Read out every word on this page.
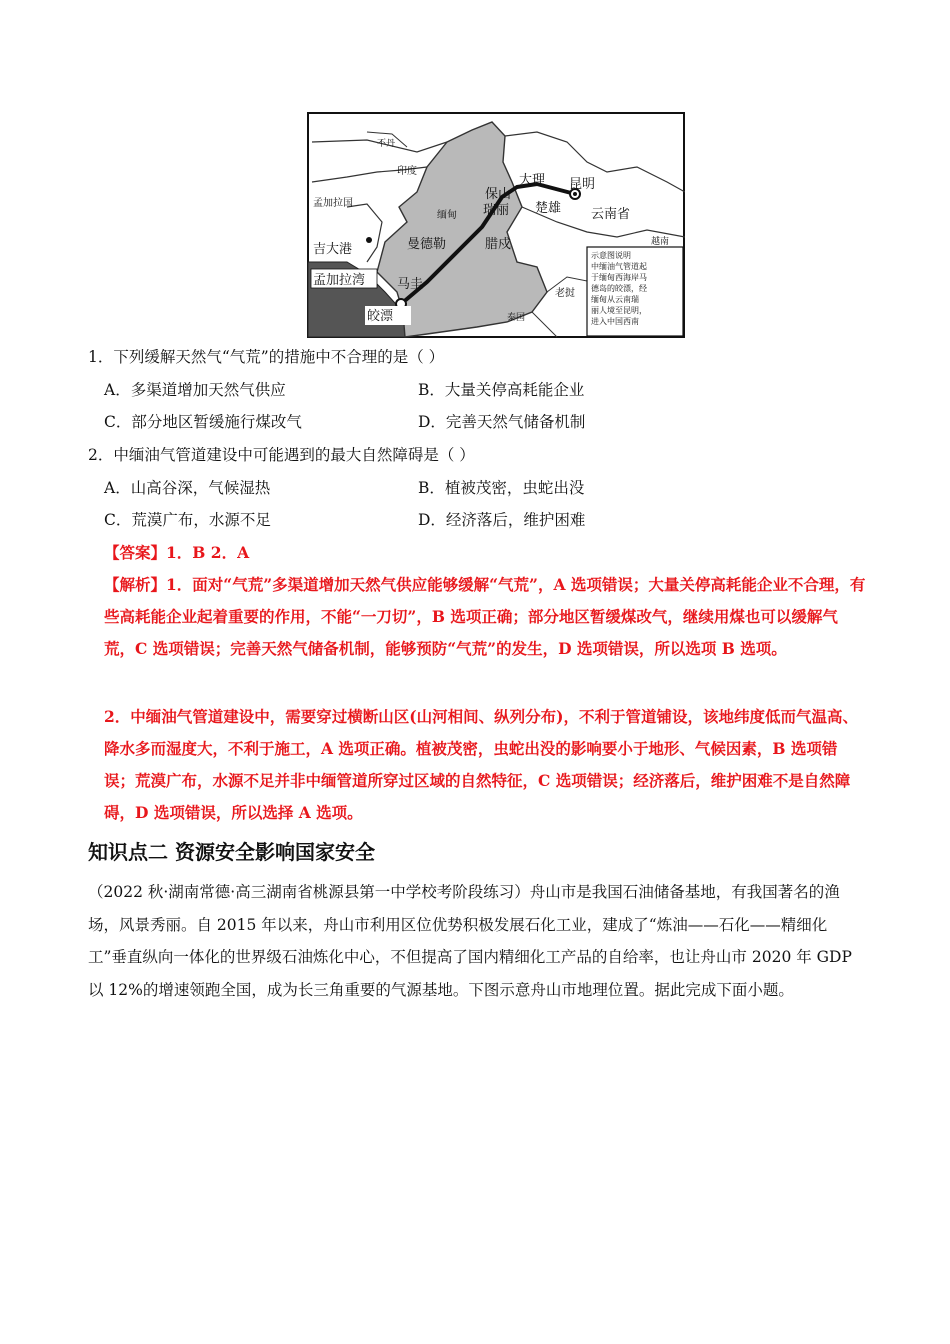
不丹
印度
孟加拉国
缅甸
曼德勒
吉大港
孟加拉湾 马圭
皎漂
保山
瑞丽
大理 昆明
楚雄 云南省
腊戍	越南
老挝
泰国
示意图说明
中缅油气管道起
于缅甸西海岸马
德岛的皎漂，经
缅甸从云南瑞
丽人境至昆明，
进入中国西南
1．下列缓解天然气“气荒”的措施中不合理的是（ ）
A．多渠道增加天然气供应	B．大量关停高耗能企业
C．部分地区暂缓施行煤改气	D．完善天然气储备机制
2．中缅油气管道建设中可能遇到的最大自然障碍是（ ）
A．山高谷深，气候湿热	B．植被茂密，虫蛇出没
C．荒漠广布，水源不足	D．经济落后，维护困难
【答案】1．B 2．A
【解析】1．面对“气荒”多渠道增加天然气供应能够缓解“气荒”，A 选项错误；大量关停高耗能企业不合理，有些高耗能企业起着重要的作用，不能“一刀切”，B 选项正确；部分地区暂缓煤改气，继续用煤也可以缓解气荒，C 选项错误；完善天然气储备机制，能够预防“气荒”的发生，D 选项错误，所以选项 B 选项。
2．中缅油气管道建设中，需要穿过横断山区(山河相间、纵列分布)，不利于管道铺设，该地纬度低而气温高、降水多而湿度大，不利于施工，A 选项正确。植被茂密，虫蛇出没的影响要小于地形、气候因素，B 选项错误；荒漠广布，水源不足并非中缅管道所穿过区域的自然特征，C 选项错误；经济落后，维护困难不是自然障碍，D 选项错误，所以选择 A 选项。
知识点二 资源安全影响国家安全
（2022 秋·湖南常德·高三湖南省桃源县第一中学校考阶段练习）舟山市是我国石油储备基地，有我国著名的渔场，风景秀丽。自 2015 年以来，舟山市利用区位优势积极发展石化工业，建成了“炼油——石化——精细化工”垂直纵向一体化的世界级石油炼化中心，不但提高了国内精细化工产品的自给率，也让舟山市 2020 年 GDP 以 12%的增速领跑全国，成为长三角重要的气源基地。下图示意舟山市地理位置。据此完成下面小题。
